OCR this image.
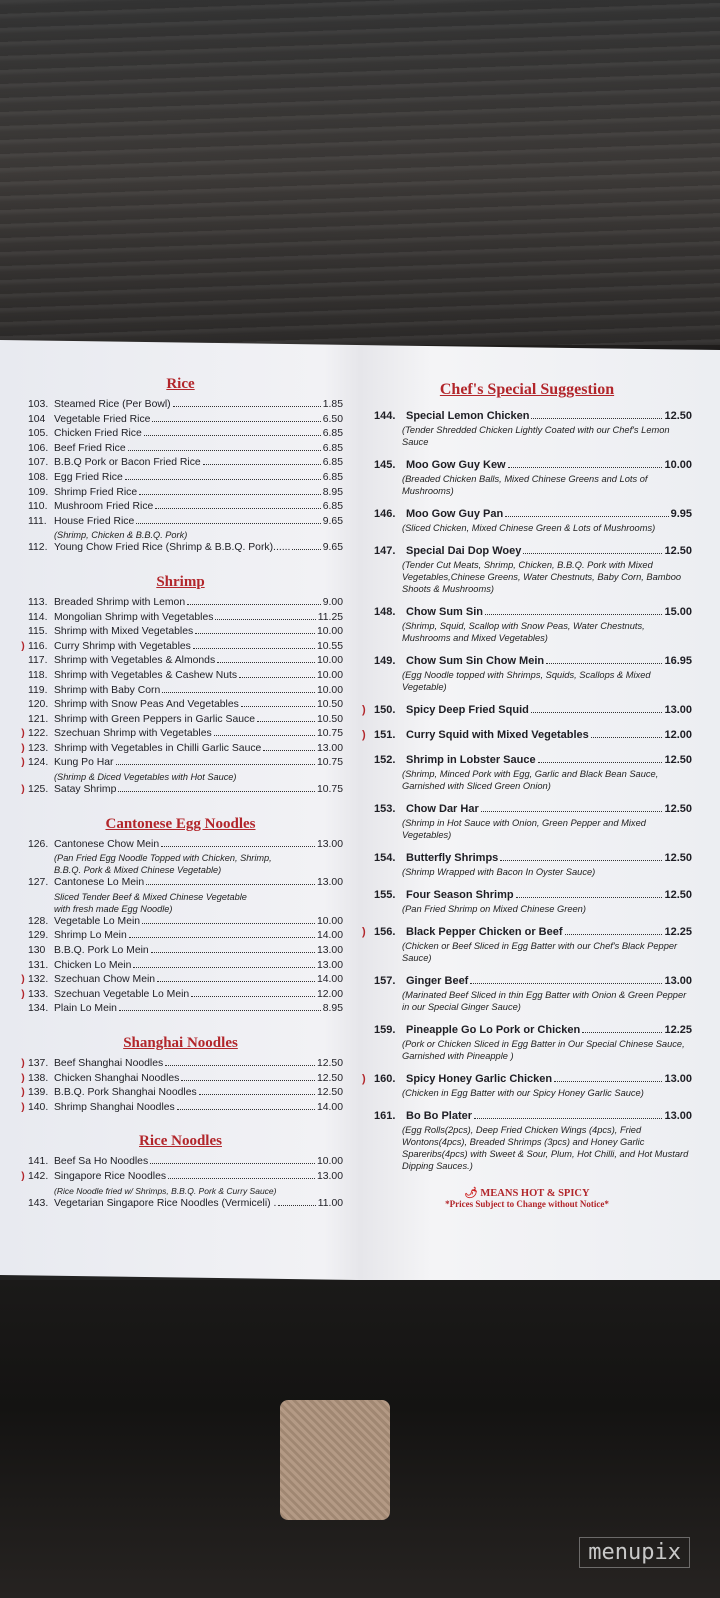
Rice
103. Steamed Rice (Per Bowl)	1.85
104 Vegetable Fried Rice	6.50
105. Chicken Fried Rice	6.85
106. Beef Fried Rice	6.85
107. B.B.Q Pork or Bacon Fried Rice	6.85
108. Egg Fried Rice	6.85
109. Shrimp Fried Rice	8.95
110. Mushroom Fried Rice	6.85
111. House Fried Rice	9.65
(Shrimp, Chicken & B.B.Q. Pork)
112. Young Chow Fried Rice (Shrimp & B.B.Q. Pork)......	9.65
Shrimp
113. Breaded Shrimp with Lemon	9.00
114. Mongolian Shrimp with Vegetables	11.25
115. Shrimp with Mixed Vegetables	10.00
) 116. Curry Shrimp with Vegetables	10.55
117. Shrimp with Vegetables & Almonds	10.00
118. Shrimp with Vegetables & Cashew Nuts	10.00
119. Shrimp with Baby Corn	10.00
120. Shrimp with Snow Peas And Vegetables	10.50
121. Shrimp with Green Peppers in Garlic Sauce	10.50
) 122. Szechuan Shrimp with Vegetables	10.75
) 123. Shrimp with Vegetables in Chilli Garlic Sauce	13.00
) 124. Kung Po Har	10.75
(Shrimp & Diced Vegetables with Hot Sauce)
) 125. Satay Shrimp	10.75
Cantonese Egg Noodles
126. Cantonese Chow Mein	13.00
(Pan Fried Egg Noodle Topped with Chicken, Shrimp, B.B.Q. Pork & Mixed Chinese Vegetable)
127. Cantonese Lo Mein	13.00
Sliced Tender Beef & Mixed Chinese Vegetable with fresh made Egg Noodle)
128. Vegetable Lo Mein	10.00
129. Shrimp Lo Mein	14.00
130 B.B.Q. Pork Lo Mein	13.00
131. Chicken Lo Mein	13.00
) 132. Szechuan Chow Mein	14.00
) 133. Szechuan Vegetable Lo Mein	12.00
134. Plain Lo Mein	8.95
Shanghai Noodles
) 137. Beef Shanghai Noodles	12.50
) 138. Chicken Shanghai Noodles	12.50
) 139. B.B.Q. Pork Shanghai Noodles	12.50
) 140. Shrimp Shanghai Noodles	14.00
Rice Noodles
141. Beef Sa Ho Noodles	10.00
) 142. Singapore Rice Noodles	13.00
(Rice Noodle fried w/ Shrimps, B.B.Q. Pork & Curry Sauce)
143. Vegetarian Singapore Rice Noodles (Vermiceli) .	11.00
Chef's Special Suggestion
144. Special Lemon Chicken	12.50
(Tender Shredded Chicken Lightly Coated with our Chef's Lemon Sauce
145. Moo Gow Guy Kew	10.00
(Breaded Chicken Balls, Mixed Chinese Greens and Lots of Mushrooms)
146. Moo Gow Guy Pan	9.95
(Sliced Chicken, Mixed Chinese Green & Lots of Mushrooms)
147. Special Dai Dop Woey	12.50
(Tender Cut Meats, Shrimp, Chicken, B.B.Q. Pork with Mixed Vegetables,Chinese Greens, Water Chestnuts, Baby Corn, Bamboo Shoots & Mushrooms)
148. Chow Sum Sin	15.00
(Shrimp, Squid, Scallop with Snow Peas, Water Chestnuts, Mushrooms and Mixed Vegetables)
149. Chow Sum Sin Chow Mein	16.95
(Egg Noodle topped with Shrimps, Squids, Scallops & Mixed Vegetable)
) 150. Spicy Deep Fried Squid	13.00
) 151. Curry Squid with Mixed Vegetables	12.00
152. Shrimp in Lobster Sauce	12.50
(Shrimp, Minced Pork with Egg, Garlic and Black Bean Sauce, Garnished with Sliced Green Onion)
153. Chow Dar Har	12.50
(Shrimp in Hot Sauce with Onion, Green Pepper and Mixed Vegetables)
154. Butterfly Shrimps	12.50
(Shrimp Wrapped with Bacon In Oyster Sauce)
155. Four Season Shrimp	12.50
(Pan Fried Shrimp on Mixed Chinese Green)
) 156. Black Pepper Chicken or Beef	12.25
(Chicken or Beef Sliced in Egg Batter with our Chef's Black Pepper Sauce)
157. Ginger Beef	13.00
(Marinated Beef Sliced in thin Egg Batter with Onion & Green Pepper in our Special Ginger Sauce)
159. Pineapple Go Lo Pork or Chicken	12.25
(Pork or Chicken Sliced in Egg Batter in Our Special Chinese Sauce, Garnished with Pineapple )
) 160. Spicy Honey Garlic Chicken	13.00
(Chicken in Egg Batter with our Spicy Honey Garlic Sauce)
161. Bo Bo Plater	13.00
(Egg Rolls(2pcs), Deep Fried Chicken Wings (4pcs), Fried Wontons(4pcs), Breaded Shrimps (3pcs) and Honey Garlic Spareribs(4pcs) with Sweet & Sour, Plum, Hot Chilli, and Hot Mustard Dipping Sauces.)
🌶 MEANS HOT & SPICY
*Prices Subject to Change without Notice*
menupix
